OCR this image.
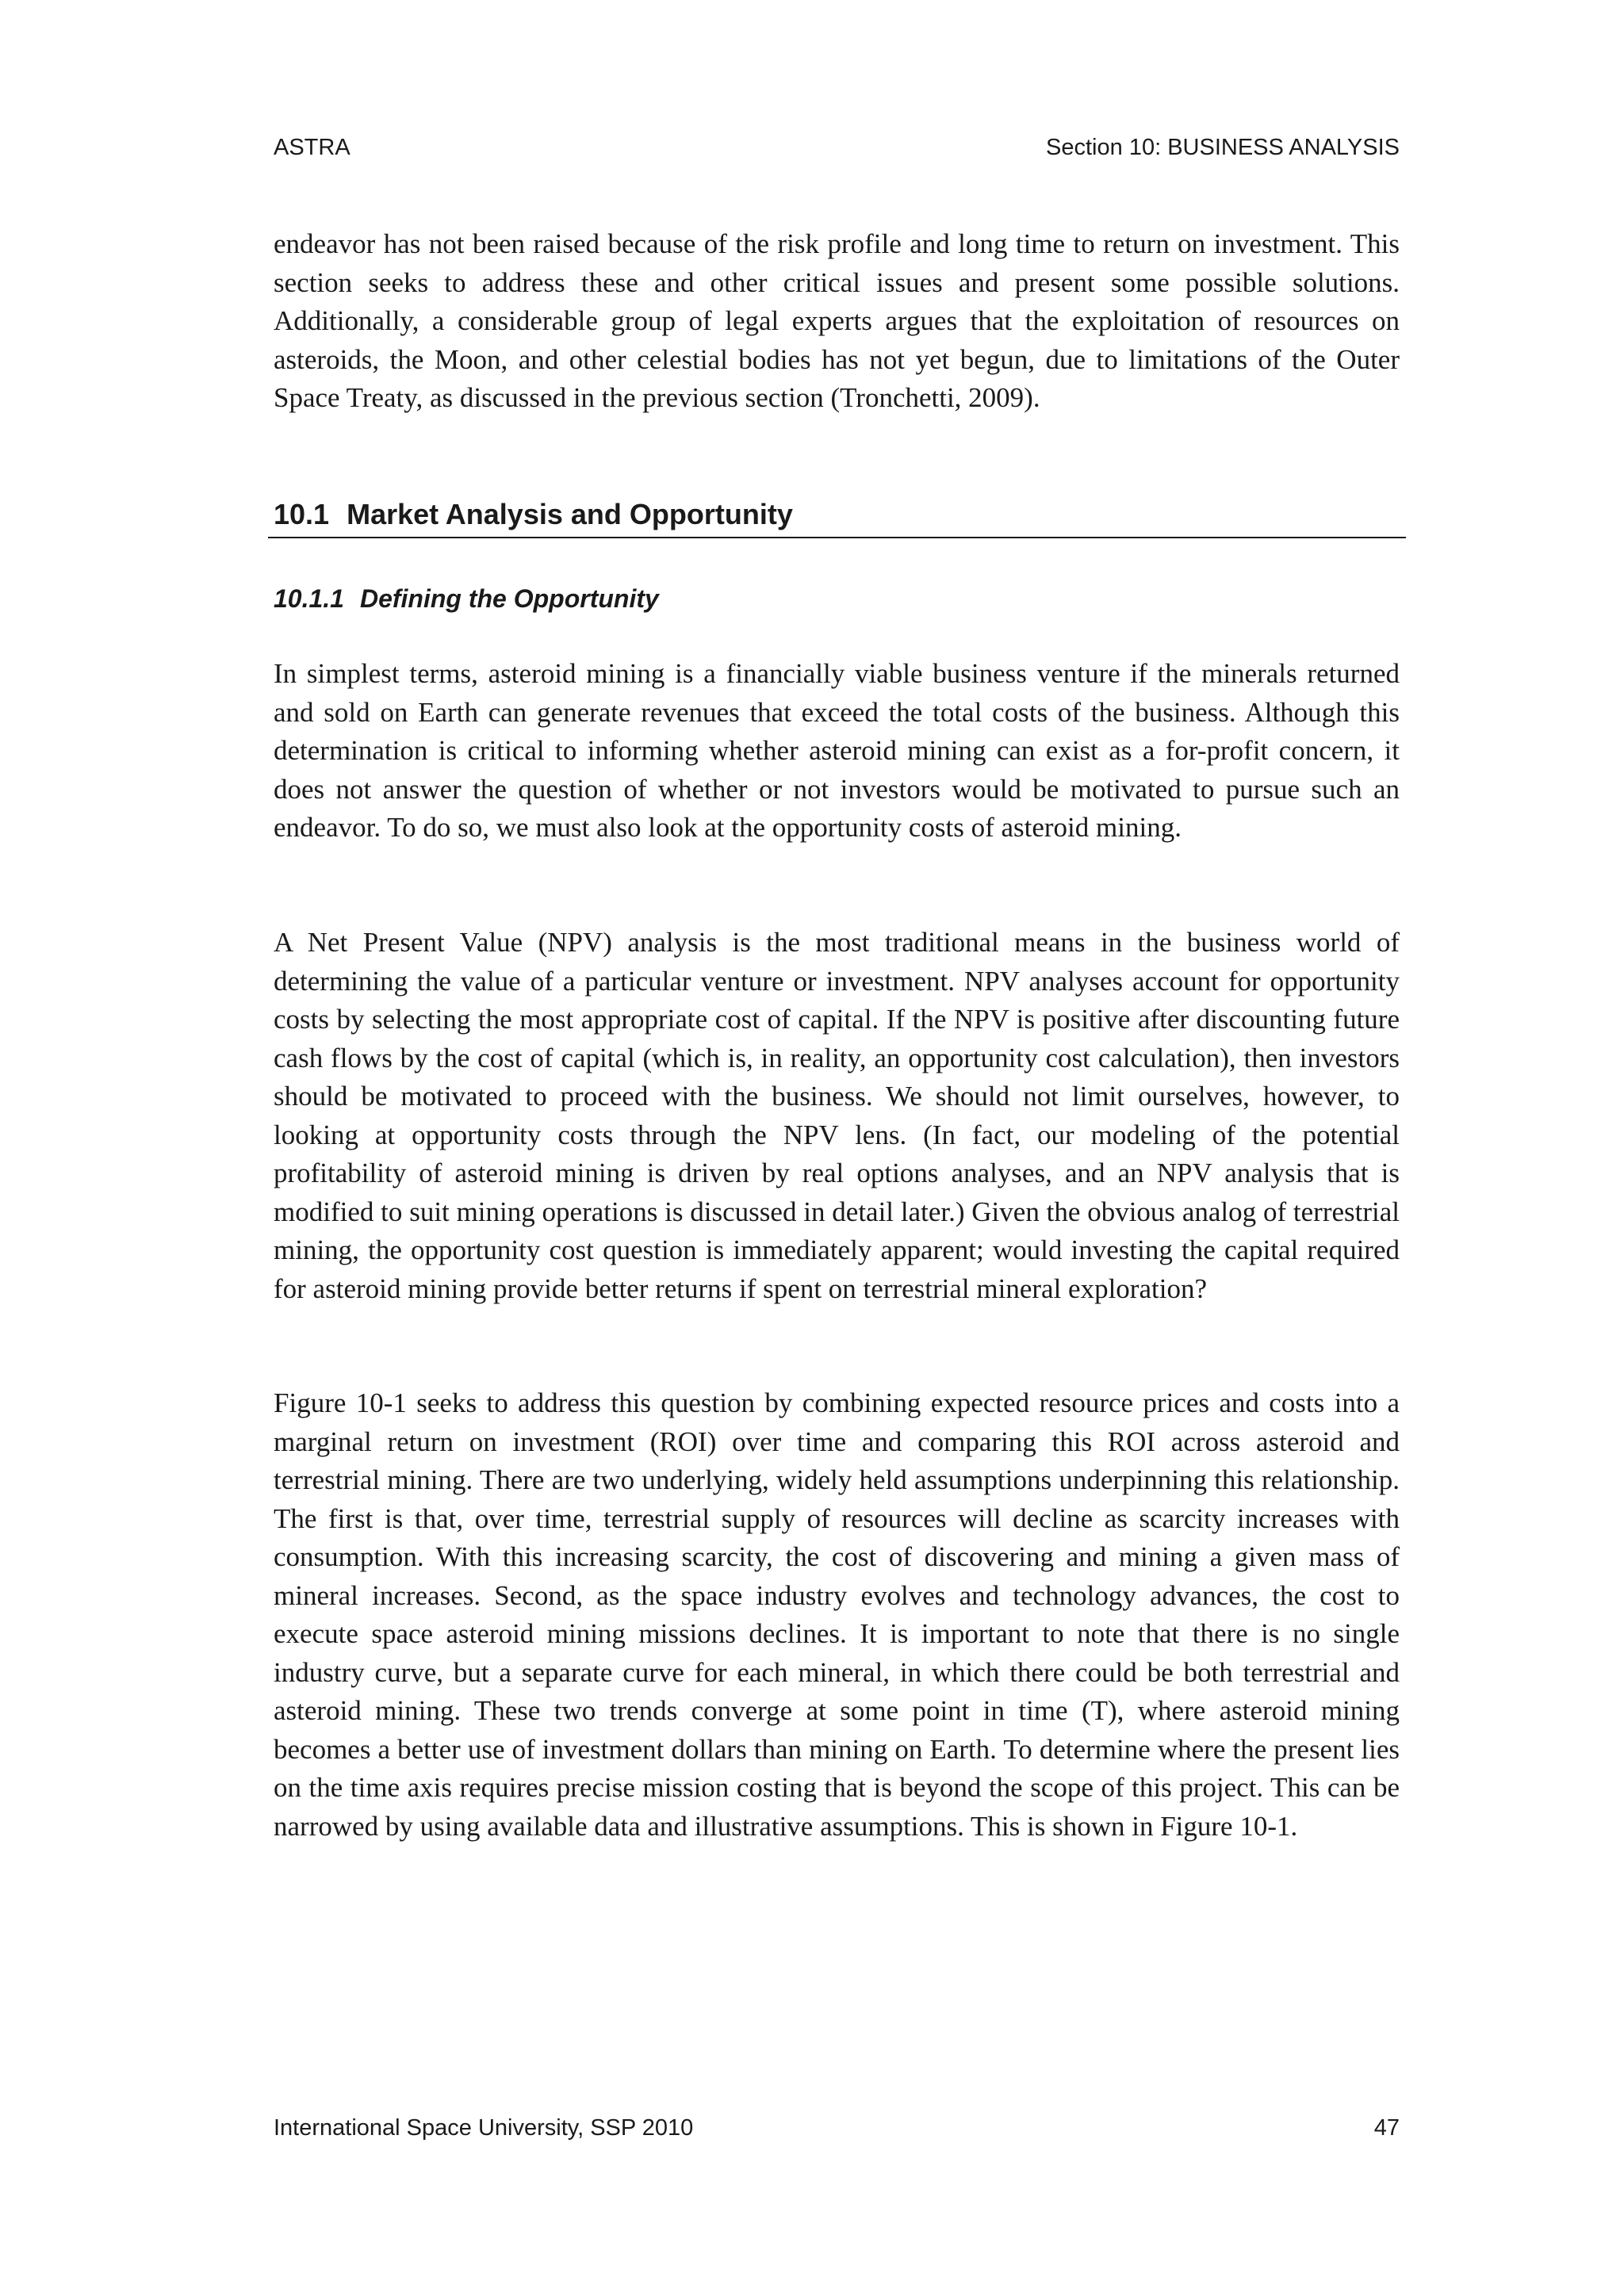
ASTRA	Section 10: BUSINESS ANALYSIS

endeavor has not been raised because of the risk profile and long time to return on investment. This section seeks to address these and other critical issues and present some possible solutions. Additionally, a considerable group of legal experts argues that the exploitation of resources on asteroids, the Moon, and other celestial bodies has not yet begun, due to limitations of the Outer Space Treaty, as discussed in the previous section (Tronchetti, 2009).

10.1 Market Analysis and Opportunity
10.1.1 Defining the Opportunity

In simplest terms, asteroid mining is a financially viable business venture if the minerals returned and sold on Earth can generate revenues that exceed the total costs of the business. Although this determination is critical to informing whether asteroid mining can exist as a for-profit concern, it does not answer the question of whether or not investors would be motivated to pursue such an endeavor. To do so, we must also look at the opportunity costs of asteroid mining.

A Net Present Value (NPV) analysis is the most traditional means in the business world of determining the value of a particular venture or investment. NPV analyses account for opportunity costs by selecting the most appropriate cost of capital. If the NPV is positive after discounting future cash flows by the cost of capital (which is, in reality, an opportunity cost calculation), then investors should be motivated to proceed with the business. We should not limit ourselves, however, to looking at opportunity costs through the NPV lens. (In fact, our modeling of the potential profitability of asteroid mining is driven by real options analyses, and an NPV analysis that is modified to suit mining operations is discussed in detail later.) Given the obvious analog of terrestrial mining, the opportunity cost question is immediately apparent; would investing the capital required for asteroid mining provide better returns if spent on terrestrial mineral exploration?

Figure 10-1 seeks to address this question by combining expected resource prices and costs into a marginal return on investment (ROI) over time and comparing this ROI across asteroid and terrestrial mining. There are two underlying, widely held assumptions underpinning this relationship. The first is that, over time, terrestrial supply of resources will decline as scarcity increases with consumption. With this increasing scarcity, the cost of discovering and mining a given mass of mineral increases. Second, as the space industry evolves and technology advances, the cost to execute space asteroid mining missions declines. It is important to note that there is no single industry curve, but a separate curve for each mineral, in which there could be both terrestrial and asteroid mining. These two trends converge at some point in time (T), where asteroid mining becomes a better use of investment dollars than mining on Earth. To determine where the present lies on the time axis requires precise mission costing that is beyond the scope of this project. This can be narrowed by using available data and illustrative assumptions. This is shown in Figure 10-1.

International Space University, SSP 2010	47
